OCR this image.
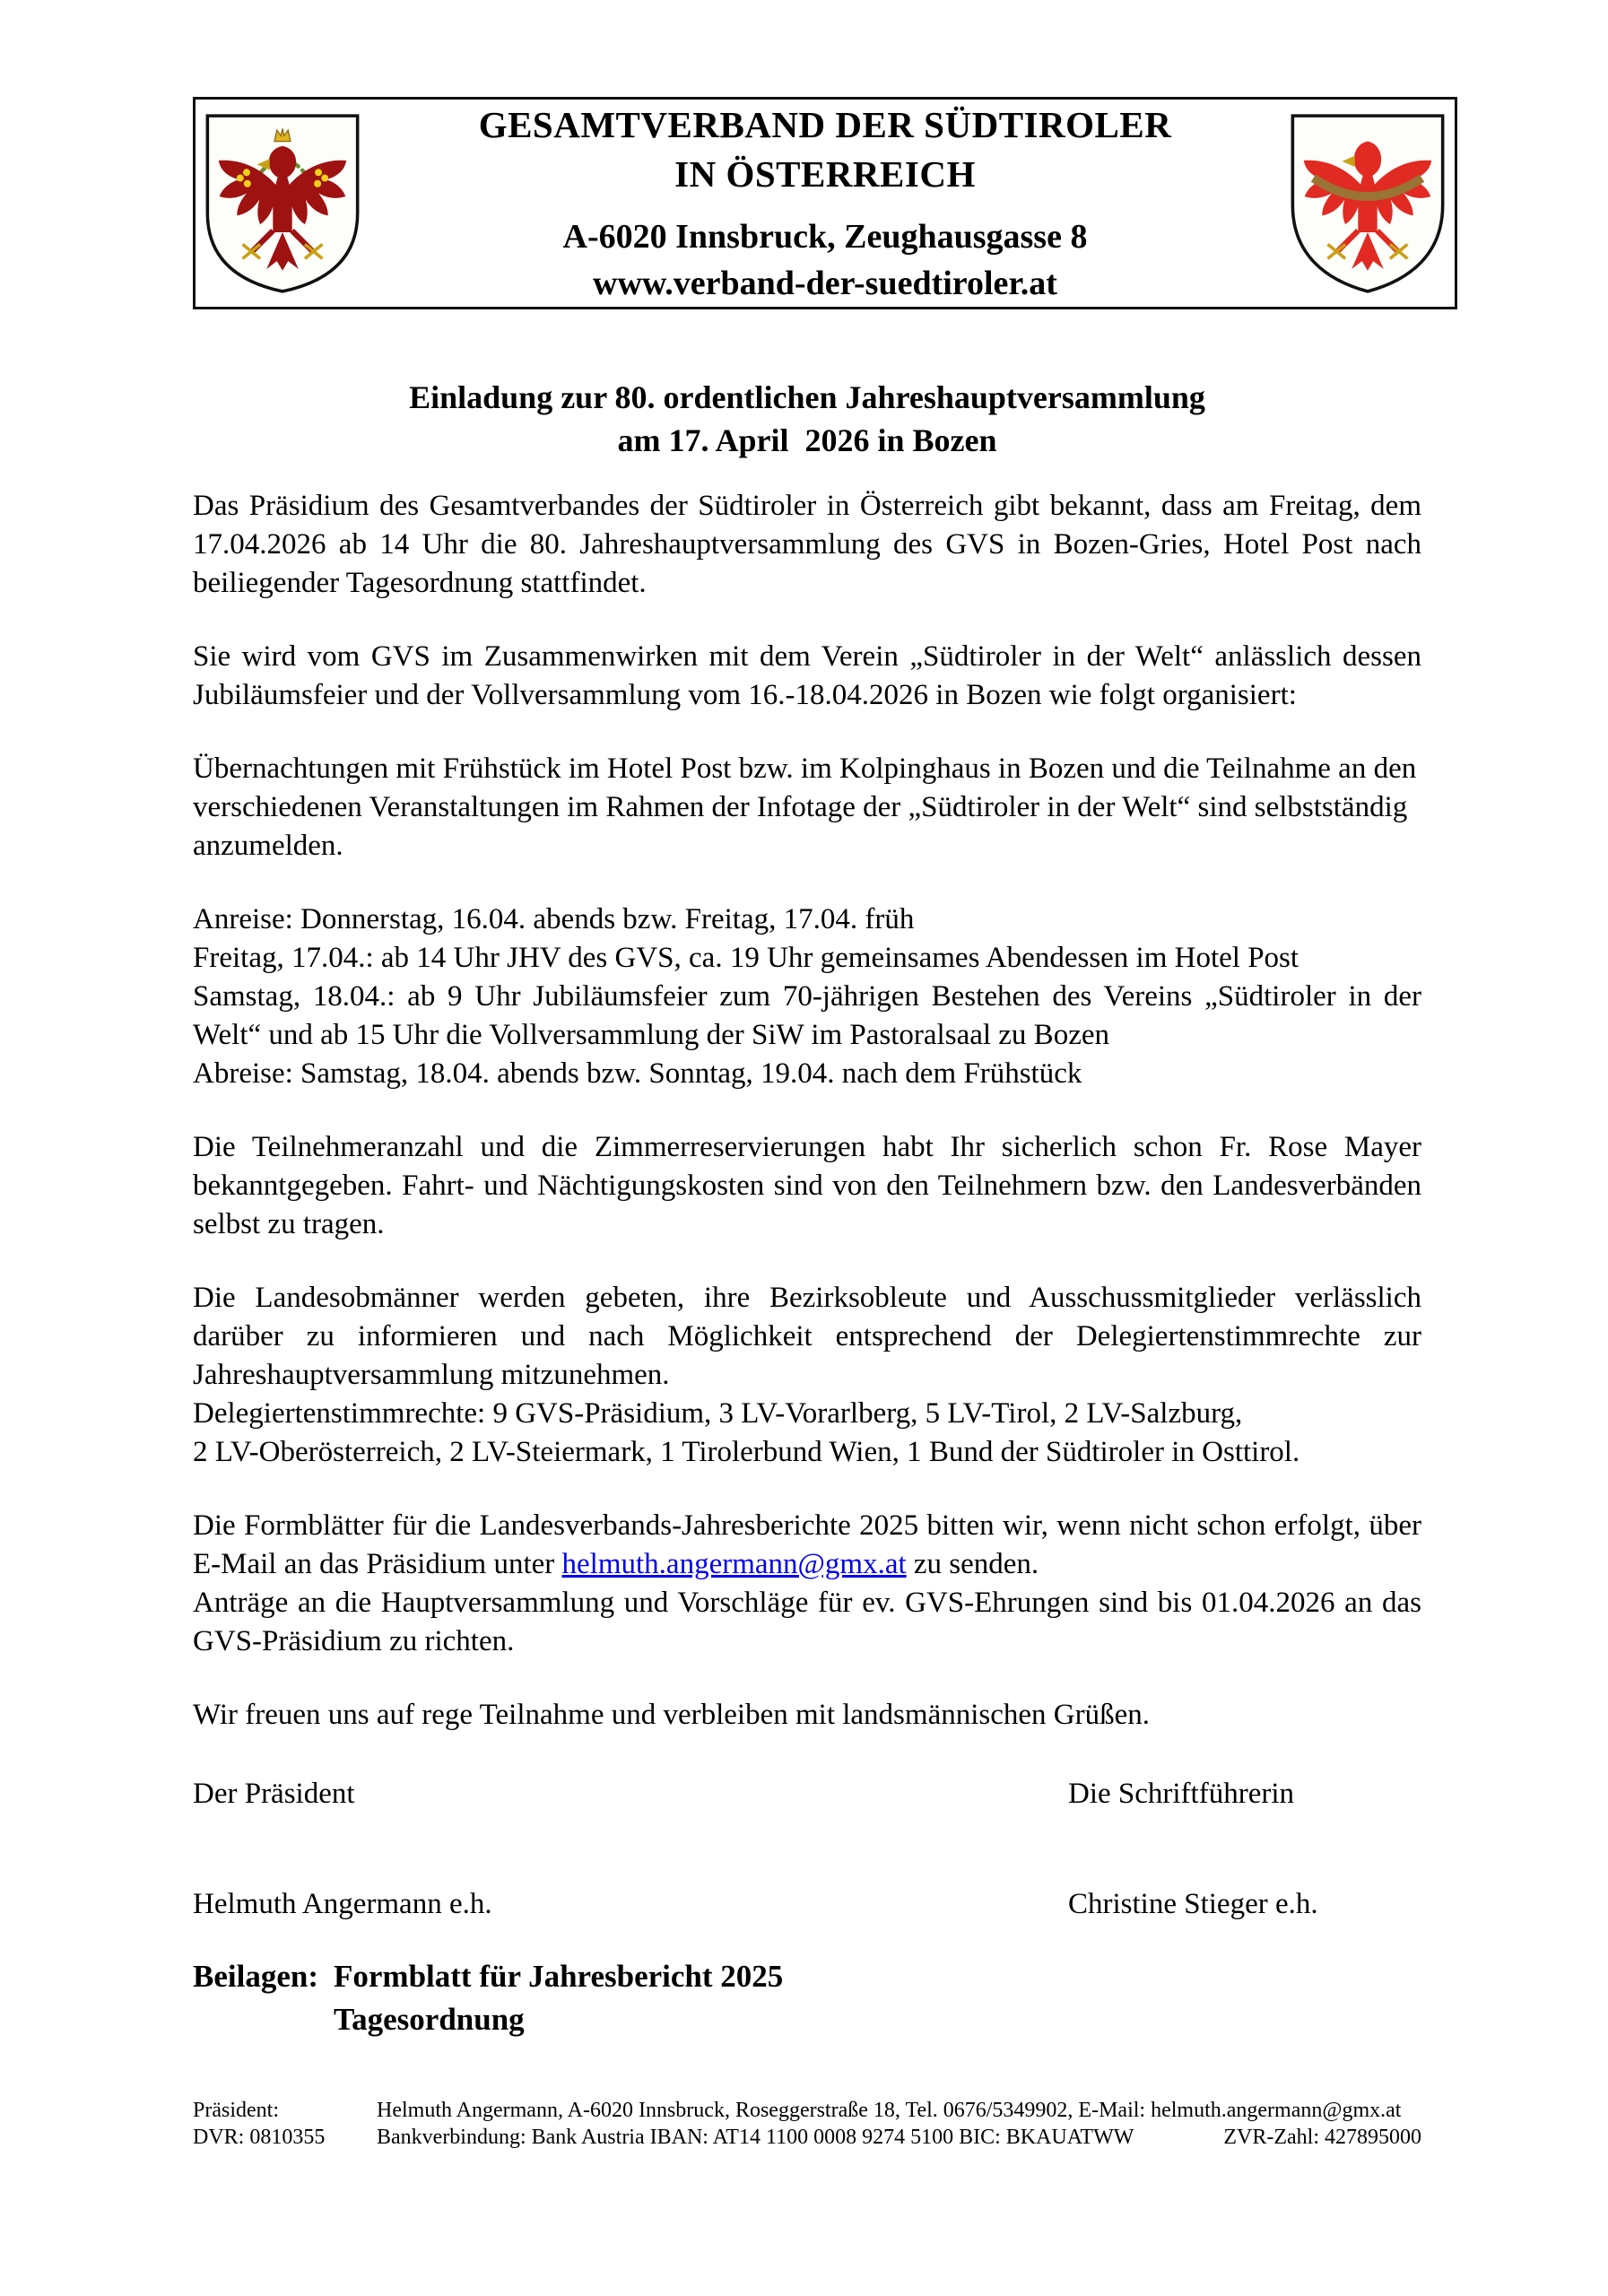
GESAMTVERBAND DER SÜDTIROLER
IN ÖSTERREICH
A-6020 Innsbruck, Zeughausgasse 8
www.verband-der-suedtiroler.at
Einladung zur 80. ordentlichen Jahreshauptversammlung
am 17. April  2026 in Bozen

Das Präsidium des Gesamtverbandes der Südtiroler in Österreich gibt bekannt, dass am Freitag, dem 17.04.2026 ab 14 Uhr die 80. Jahreshauptversammlung des GVS in Bozen-Gries, Hotel Post nach beiliegender Tagesordnung stattfindet.

Sie wird vom GVS im Zusammenwirken mit dem Verein „Südtiroler in der Welt“ anlässlich dessen Jubiläumsfeier und der Vollversammlung vom 16.-18.04.2026 in Bozen wie folgt organisiert:

Übernachtungen mit Frühstück im Hotel Post bzw. im Kolpinghaus in Bozen und die Teilnahme an den verschiedenen Veranstaltungen im Rahmen der Infotage der „Südtiroler in der Welt“ sind selbstständig anzumelden.

Anreise: Donnerstag, 16.04. abends bzw. Freitag, 17.04. früh
Freitag, 17.04.: ab 14 Uhr JHV des GVS, ca. 19 Uhr gemeinsames Abendessen im Hotel Post
Samstag, 18.04.: ab 9 Uhr Jubiläumsfeier zum 70-jährigen Bestehen des Vereins „Südtiroler in der Welt“ und ab 15 Uhr die Vollversammlung der SiW im Pastoralsaal zu Bozen
Abreise: Samstag, 18.04. abends bzw. Sonntag, 19.04. nach dem Frühstück

Die Teilnehmeranzahl und die Zimmerreservierungen habt Ihr sicherlich schon Fr. Rose Mayer bekanntgegeben. Fahrt- und Nächtigungskosten sind von den Teilnehmern bzw. den Landesverbänden selbst zu tragen.

Die Landesobmänner werden gebeten, ihre Bezirksobleute und Ausschussmitglieder verlässlich darüber zu informieren und nach Möglichkeit entsprechend der Delegiertenstimmrechte zur Jahreshauptversammlung mitzunehmen.
Delegiertenstimmrechte: 9 GVS-Präsidium, 3 LV-Vorarlberg, 5 LV-Tirol, 2 LV-Salzburg,
2 LV-Oberösterreich, 2 LV-Steiermark, 1 Tirolerbund Wien, 1 Bund der Südtiroler in Osttirol.
Die Formblätter für die Landesverbands-Jahresberichte 2025 bitten wir, wenn nicht schon erfolgt, über E-Mail an das Präsidium unter helmuth.angermann@gmx.at zu senden.
Anträge an die Hauptversammlung und Vorschläge für ev. GVS-Ehrungen sind bis 01.04.2026 an das GVS-Präsidium zu richten.

Wir freuen uns auf rege Teilnahme und verbleiben mit landsmännischen Grüßen.

Der Präsident	Die Schriftführerin
Helmuth Angermann e.h.	Christine Stieger e.h.
Beilagen: Formblatt für Jahresbericht 2025
Tagesordnung
Präsident:	Helmuth Angermann, A-6020 Innsbruck, Roseggerstraße 18, Tel. 0676/5349902, E-Mail: helmuth.angermann@gmx.at
DVR: 0810355	Bankverbindung: Bank Austria IBAN: AT14 1100 0008 9274 5100 BIC: BKAUATWW	ZVR-Zahl: 427895000
